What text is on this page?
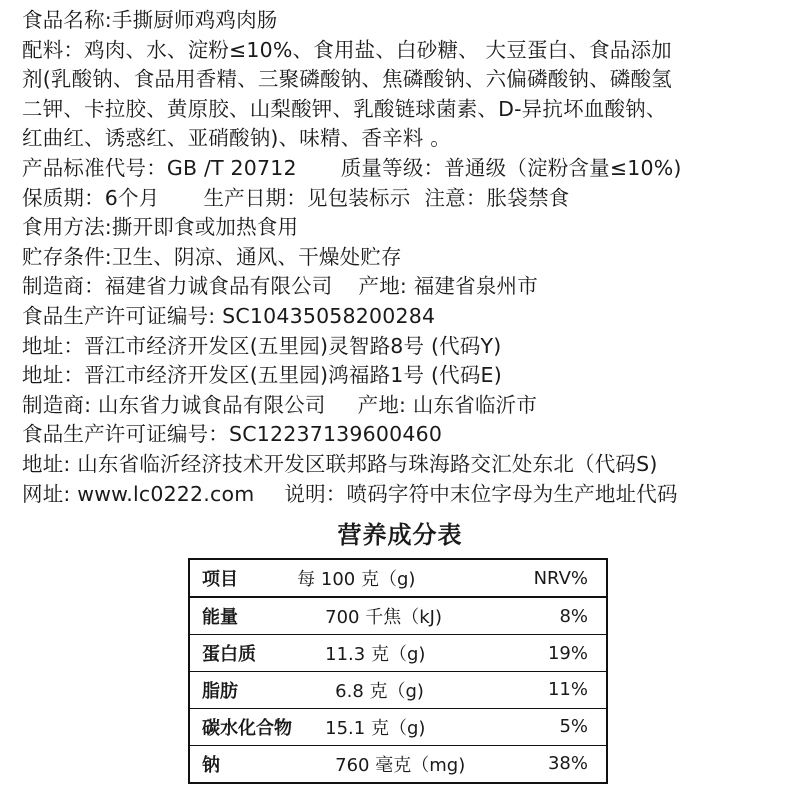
食品名称:手撕厨师鸡鸡肉肠
配料：鸡肉、水、淀粉≤10%、食用盐、白砂糖、 大豆蛋白、食品添加
剂(乳酸钠、食品用香精、三聚磷酸钠、焦磷酸钠、六偏磷酸钠、磷酸氢
二钾、卡拉胶、黄原胶、山梨酸钾、乳酸链球菌素、D-异抗坏血酸钠、
红曲红、诱惑红、亚硝酸钠)、味精、香辛料 。
产品标准代号：GB /T 20712 质量等级：普通级（淀粉含量≤10%)
保质期：6个月 生产日期：见包装标示 注意：胀袋禁食
食用方法:撕开即食或加热食用
贮存条件:卫生、阴凉、通风、干燥处贮存
制造商：福建省力诚食品有限公司 产地: 福建省泉州市
食品生产许可证编号: SC10435058200284
地址：晋江市经济开发区(五里园)灵智路8号 (代码Y)
地址：晋江市经济开发区(五里园)鸿福路1号 (代码E)
制造商: 山东省力诚食品有限公司 产地: 山东省临沂市
食品生产许可证编号：SC12237139600460
地址: 山东省临沂经济技术开发区联邦路与珠海路交汇处东北（代码S)
网址: www.lc0222.com 说明：喷码字符中末位字母为生产地址代码
营养成分表
项目	每 100 克（g)	NRV%
能量	700 千焦（kJ)	8%
蛋白质	11.3 克（g)	19%
脂肪	6.8 克（g)	11%
碳水化合物	15.1 克（g)	5%
钠	760 毫克（mg)	38%
